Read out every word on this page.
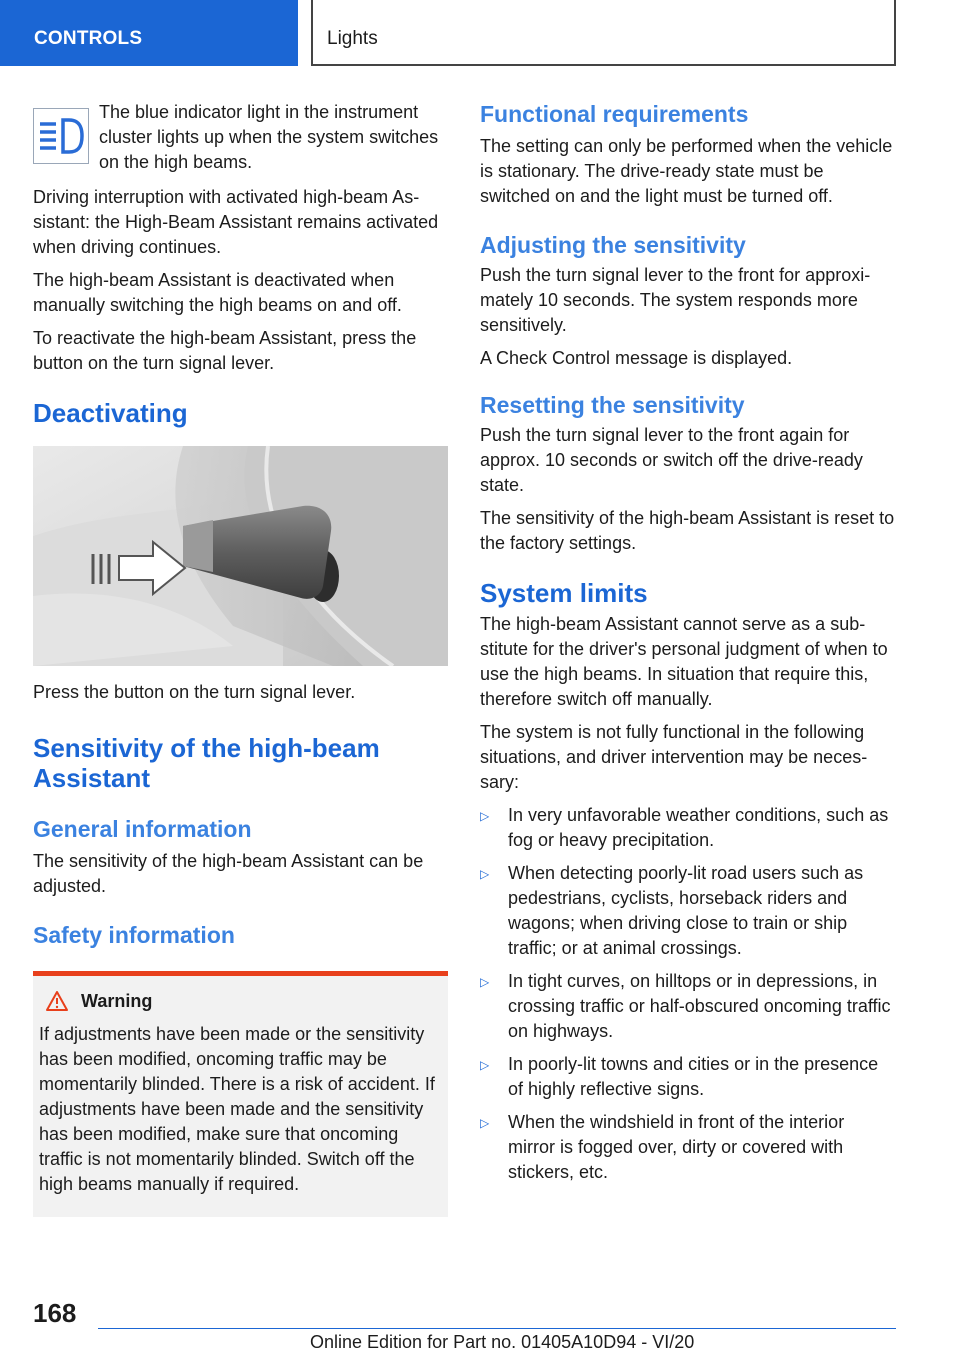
CONTROLS	Lights
The blue indicator light in the instrument cluster lights up when the system switches on the high beams.

Driving interruption with activated high-beam Assistant: the High-Beam Assistant remains activated when driving continues.

The high-beam Assistant is deactivated when manually switching the high beams on and off.

To reactivate the high-beam Assistant, press the button on the turn signal lever.

Deactivating

Press the button on the turn signal lever.

Sensitivity of the high-beam Assistant
General information

The sensitivity of the high-beam Assistant can be adjusted.

Safety information
Warning

If adjustments have been made or the sensitivity has been modified, oncoming traffic may be momentarily blinded. There is a risk of accident. If adjustments have been made and the sensitivity has been modified, make sure that oncoming traffic is not momentarily blinded. Switch off the high beams manually if required.

Functional requirements

The setting can only be performed when the vehicle is stationary. The drive-ready state must be switched on and the light must be turned off.

Adjusting the sensitivity

Push the turn signal lever to the front for approximately 10 seconds. The system responds more sensitively.

A Check Control message is displayed.

Resetting the sensitivity

Push the turn signal lever to the front again for approx. 10 seconds or switch off the drive-ready state.

The sensitivity of the high-beam Assistant is reset to the factory settings.

System limits

The high-beam Assistant cannot serve as a substitute for the driver's personal judgment of when to use the high beams. In situation that require this, therefore switch off manually.

The system is not fully functional in the following situations, and driver intervention may be necessary:

▷	In very unfavorable weather conditions, such as fog or heavy precipitation.
▷	When detecting poorly-lit road users such as pedestrians, cyclists, horseback riders and wagons; when driving close to train or ship traffic; or at animal crossings.
▷	In tight curves, on hilltops or in depressions, in crossing traffic or half-obscured oncoming traffic on highways.
▷	In poorly-lit towns and cities or in the presence of highly reflective signs.
▷	When the windshield in front of the interior mirror is fogged over, dirty or covered with stickers, etc.
168
Online Edition for Part no. 01405A10D94 - VI/20
